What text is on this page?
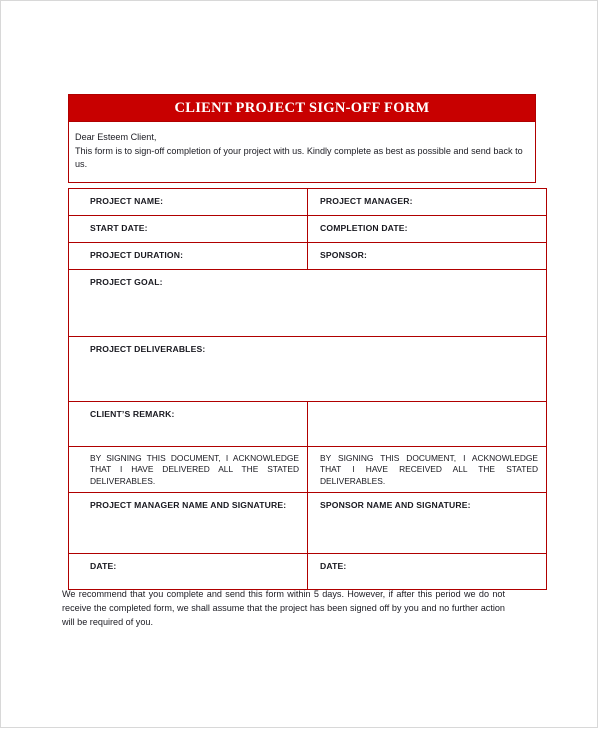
CLIENT PROJECT SIGN-OFF FORM

Dear Esteem Client,

This form is to sign-off completion of your project with us. Kindly complete as best as possible and send back to us.

PROJECT NAME:	PROJECT MANAGER:

START DATE:	COMPLETION DATE:

PROJECT DURATION:	SPONSOR:

PROJECT GOAL:	

PROJECT DELIVERABLES:	

CLIENT’S REMARK:	

BY SIGNING THIS DOCUMENT, I ACKNOWLEDGE THAT I HAVE DELIVERED ALL THE STATED DELIVERABLES.	BY SIGNING THIS DOCUMENT, I ACKNOWLEDGE THAT I HAVE RECEIVED ALL THE STATED DELIVERABLES.

PROJECT MANAGER NAME AND SIGNATURE:	SPONSOR NAME AND SIGNATURE:

DATE:	DATE:

We recommend that you complete and send this form within 5 days. However, if after this period we do not receive the completed form, we shall assume that the project has been signed off by you and no further action will be required of you.
